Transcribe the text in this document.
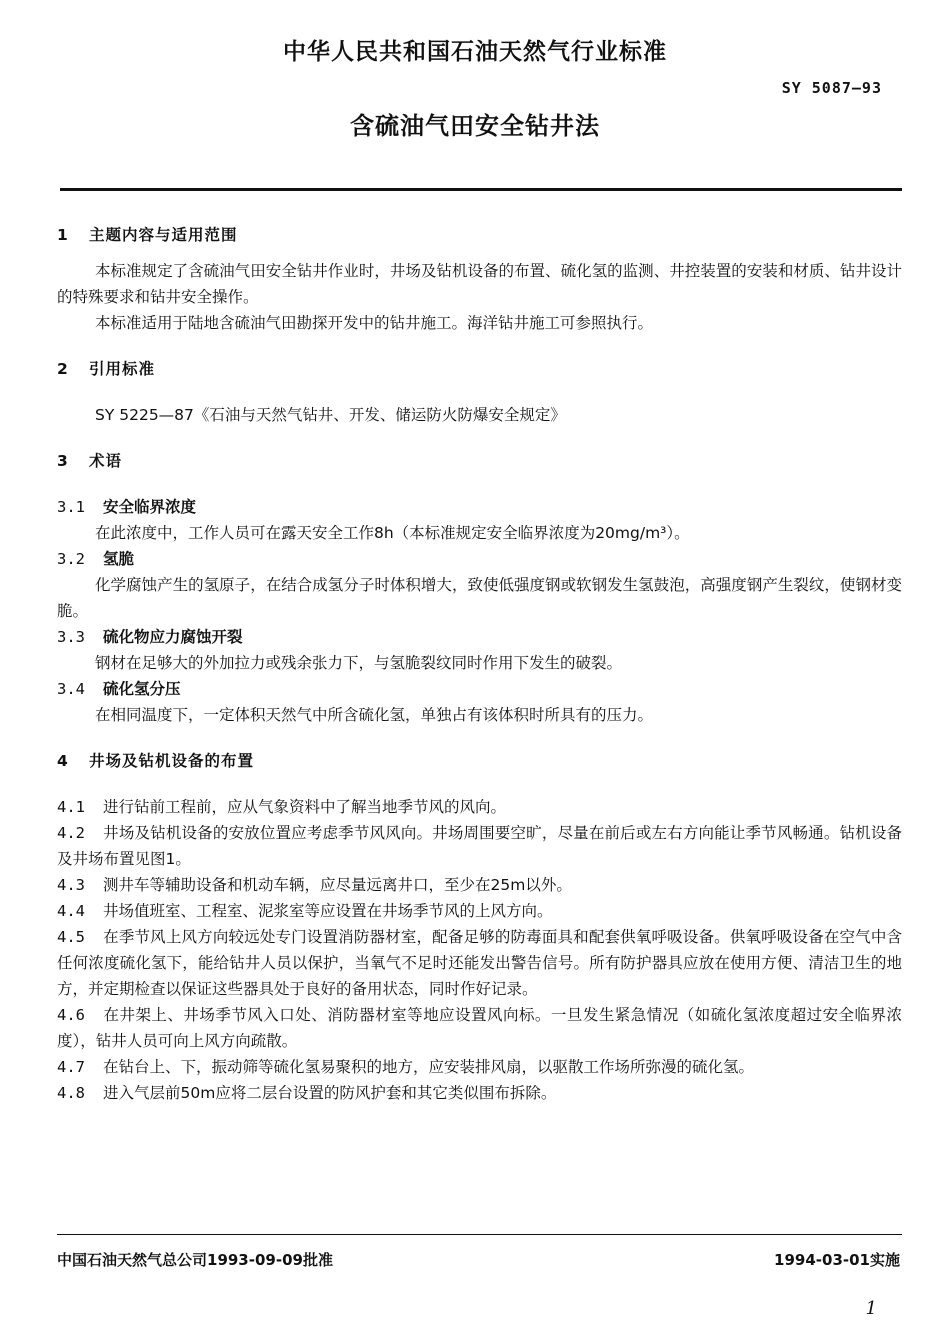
中华人民共和国石油天然气行业标准
SY 5087—93
含硫油气田安全钻井法
1 主题内容与适用范围

本标准规定了含硫油气田安全钻井作业时，井场及钻机设备的布置、硫化氢的监测、井控装置的安装和材质、钻井设计的特殊要求和钻井安全操作。

本标准适用于陆地含硫油气田勘探开发中的钻井施工。海洋钻井施工可参照执行。

2 引用标准

SY 5225—87《石油与天然气钻井、开发、储运防火防爆安全规定》

3 术语
3.1 安全临界浓度

在此浓度中，工作人员可在露天安全工作8h（本标准规定安全临界浓度为20mg/m³）。

3.2 氢脆

化学腐蚀产生的氢原子，在结合成氢分子时体积增大，致使低强度钢或软钢发生氢鼓泡，高强度钢产生裂纹，使钢材变脆。

3.3 硫化物应力腐蚀开裂

钢材在足够大的外加拉力或残余张力下，与氢脆裂纹同时作用下发生的破裂。

3.4 硫化氢分压

在相同温度下，一定体积天然气中所含硫化氢，单独占有该体积时所具有的压力。

4 井场及钻机设备的布置

4.1 进行钻前工程前，应从气象资料中了解当地季节风的风向。

4.2 井场及钻机设备的安放位置应考虑季节风风向。井场周围要空旷，尽量在前后或左右方向能让季节风畅通。钻机设备及井场布置见图1。

4.3 测井车等辅助设备和机动车辆，应尽量远离井口，至少在25m以外。

4.4 井场值班室、工程室、泥浆室等应设置在井场季节风的上风方向。

4.5 在季节风上风方向较远处专门设置消防器材室，配备足够的防毒面具和配套供氧呼吸设备。供氧呼吸设备在空气中含任何浓度硫化氢下，能给钻井人员以保护，当氧气不足时还能发出警告信号。所有防护器具应放在使用方便、清洁卫生的地方，并定期检查以保证这些器具处于良好的备用状态，同时作好记录。

4.6 在井架上、井场季节风入口处、消防器材室等地应设置风向标。一旦发生紧急情况（如硫化氢浓度超过安全临界浓度），钻井人员可向上风方向疏散。

4.7 在钻台上、下，振动筛等硫化氢易聚积的地方，应安装排风扇，以驱散工作场所弥漫的硫化氢。

4.8 进入气层前50m应将二层台设置的防风护套和其它类似围布拆除。

中国石油天然气总公司1993-09-09批准	1994-03-01实施
1
